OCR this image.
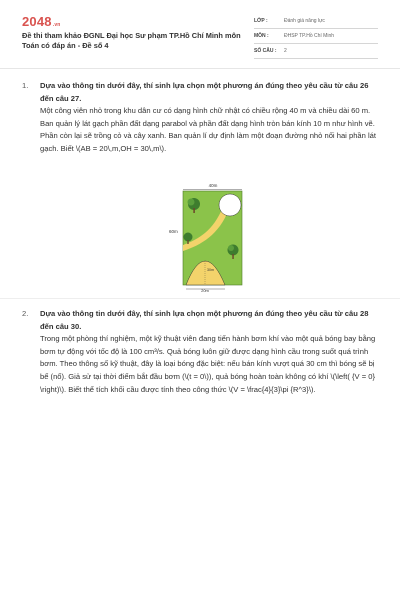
2048.vn
Đề thi tham khảo ĐGNL Đại học Sư phạm TP.Hồ Chí Minh môn Toán có đáp án - Đề số 4
LỚP :	Đánh giá năng lực
MÔN :	ĐHSP TP.Hồ Chí Minh
SỐ CÂU :	2
1.	Dựa vào thông tin dưới đây, thí sinh lựa chọn một phương án đúng theo yêu cầu từ câu 26 đến câu 27.
Một công viên nhỏ trong khu dân cư có dạng hình chữ nhật có chiều rộng 40 m và chiều dài 60 m. Ban quản lý lát gạch phần đất dạng parabol và phần đất dạng hình tròn bán kính 10 m như hình vẽ. Phần còn lại sẽ trồng cỏ và cây xanh. Ban quản lí dự định làm một đoạn đường nhỏ nối hai phần lát gạch. Biết \(AB = 20\,m,OH = 30\,m\).
40m
60m
30m
20m
2.	Dựa vào thông tin dưới đây, thí sinh lựa chọn một phương án đúng theo yêu cầu từ câu 28 đến câu 30.
Trong một phòng thí nghiệm, một kỹ thuật viên đang tiến hành bơm khí vào một quả bóng bay bằng bơm tự động với tốc độ là 100 cm³/s. Quả bóng luôn giữ được dạng hình cầu trong suốt quá trình bơm. Theo thông số kỹ thuật, đây là loại bóng đặc biệt: nếu bán kính vượt quá 30 cm thì bóng sẽ bị bể (nổ). Giả sử tại thời điểm bắt đầu bơm (\(t = 0\)), quả bóng hoàn toàn không có khí \(\left( {V = 0} \right)\). Biết thể tích khối cầu được tính theo công thức \(V = \frac{4}{3}\pi {R^3}\).
